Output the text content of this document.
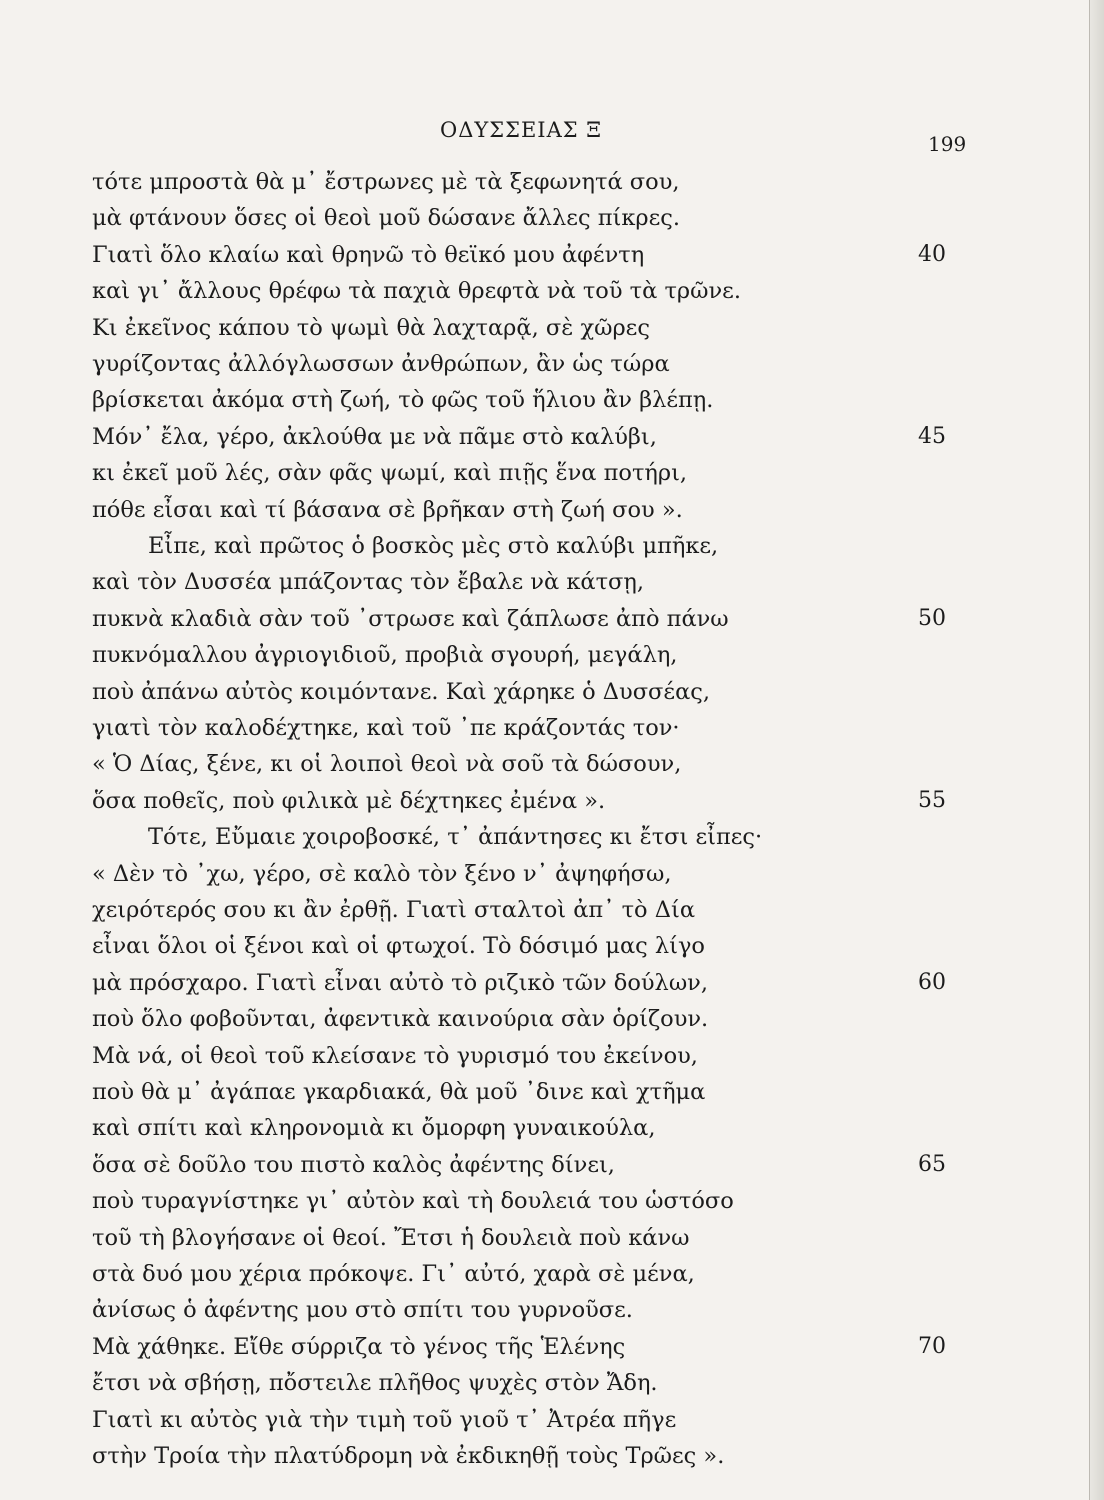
ΟΔΥΣΣΕΙΑΣ Ξ
199
τότε μπροστὰ θὰ μ᾿ ἔστρωνες μὲ τὰ ξεφωνητά σου,
μὰ φτάνουν ὅσες οἱ θεοὶ μοῦ δώσανε ἄλλες πίκρες.
Γιατὶ ὅλο κλαίω καὶ θρηνῶ τὸ θεϊκό μου ἀφέντη
καὶ γι᾿ ἄλλους θρέφω τὰ παχιὰ θρεφτὰ νὰ τοῦ τὰ τρῶνε.
Κι ἐκεῖνος κάπου τὸ ψωμὶ θὰ λαχταρᾷ, σὲ χῶρες
γυρίζοντας ἀλλόγλωσσων ἀνθρώπων, ἂν ὡς τώρα
βρίσκεται ἀκόμα στὴ ζωή, τὸ φῶς τοῦ ἥλιου ἂν βλέπῃ.
Μόν᾿ ἔλα, γέρο, ἀκλούθα με νὰ πᾶμε στὸ καλύβι,
κι ἐκεῖ μοῦ λές, σὰν φᾶς ψωμί, καὶ πιῇς ἕνα ποτήρι,
πόθε εἶσαι καὶ τί βάσανα σὲ βρῆκαν στὴ ζωή σου ».
Εἶπε, καὶ πρῶτος ὁ βοσκὸς μὲς στὸ καλύβι μπῆκε,
καὶ τὸν Δυσσέα μπάζοντας τὸν ἔβαλε νὰ κάτσῃ,
πυκνὰ κλαδιὰ σὰν τοῦ ᾿στρωσε καὶ ζάπλωσε ἀπὸ πάνω
πυκνόμαλλου ἀγριογιδιοῦ, προβιὰ σγουρή, μεγάλη,
ποὺ ἀπάνω αὐτὸς κοιμόντανε. Καὶ χάρηκε ὁ Δυσσέας,
γιατὶ τὸν καλοδέχτηκε, καὶ τοῦ ᾿πε κράζοντάς τον·
« Ὁ Δίας, ξένε, κι οἱ λοιποὶ θεοὶ νὰ σοῦ τὰ δώσουν,
ὅσα ποθεῖς, ποὺ φιλικὰ μὲ δέχτηκες ἐμένα ».
Τότε, Εὔμαιε χοιροβοσκέ, τ᾿ ἀπάντησες κι ἔτσι εἶπες·
« Δὲν τὸ ᾿χω, γέρο, σὲ καλὸ τὸν ξένο ν᾿ ἀψηφήσω,
χειρότερός σου κι ἂν ἐρθῇ. Γιατὶ σταλτοὶ ἀπ᾿ τὸ Δία
εἶναι ὅλοι οἱ ξένοι καὶ οἱ φτωχοί. Τὸ δόσιμό μας λίγο
μὰ πρόσχαρο. Γιατὶ εἶναι αὐτὸ τὸ ριζικὸ τῶν δούλων,
ποὺ ὅλο φοβοῦνται, ἀφεντικὰ καινούρια σὰν ὁρίζουν.
Μὰ νά, οἱ θεοὶ τοῦ κλείσανε τὸ γυρισμό του ἐκείνου,
ποὺ θὰ μ᾿ ἀγάπαε γκαρδιακά, θὰ μοῦ ᾿δινε καὶ χτῆμα
καὶ σπίτι καὶ κληρονομιὰ κι ὄμορφη γυναικούλα,
ὅσα σὲ δοῦλο του πιστὸ καλὸς ἀφέντης δίνει,
ποὺ τυραγνίστηκε γι᾿ αὐτὸν καὶ τὴ δουλειά του ὡστόσο
τοῦ τὴ βλογήσανε οἱ θεοί. Ἔτσι ἡ δουλειὰ ποὺ κάνω
στὰ δυό μου χέρια πρόκοψε. Γι᾿ αὐτό, χαρὰ σὲ μένα,
ἀνίσως ὁ ἀφέντης μου στὸ σπίτι του γυρνοῦσε.
Μὰ χάθηκε. Εἴθε σύρριζα τὸ γένος τῆς Ἑλένης
ἔτσι νὰ σβήσῃ, πὄστειλε πλῆθος ψυχὲς στὸν Ἄδη.
Γιατὶ κι αὐτὸς γιὰ τὴν τιμὴ τοῦ γιοῦ τ᾿ Ἀτρέα πῆγε
στὴν Τροία τὴν πλατύδρομη νὰ ἐκδικηθῇ τοὺς Τρῶες ».
40
45
50
55
60
65
70
